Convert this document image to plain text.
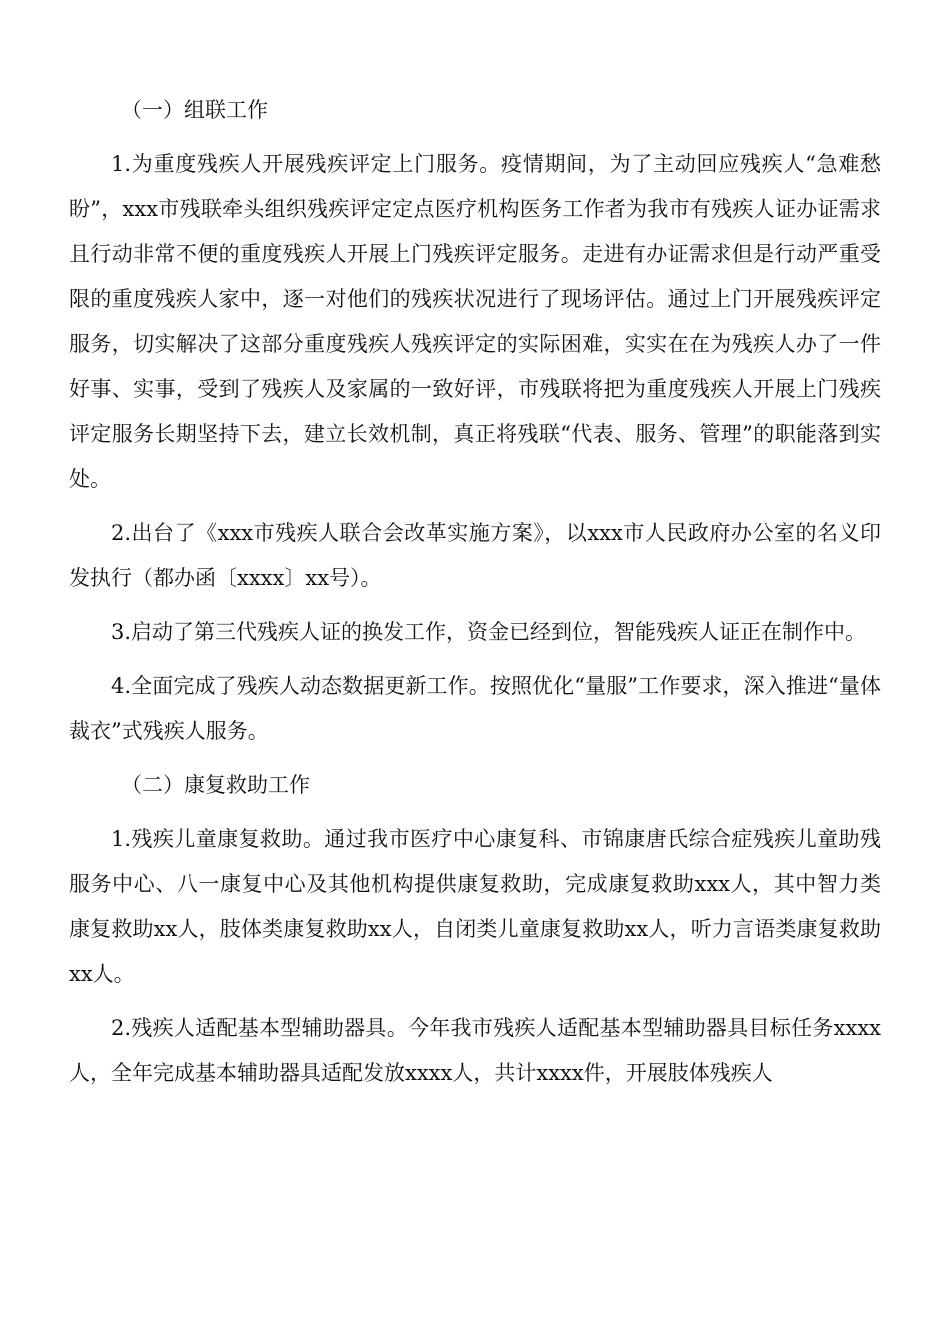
（一）组联工作

1.为重度残疾人开展残疾评定上门服务。疫情期间，为了主动回应残疾人“急难愁盼”，xxx市残联牵头组织残疾评定定点医疗机构医务工作者为我市有残疾人证办证需求且行动非常不便的重度残疾人开展上门残疾评定服务。走进有办证需求但是行动严重受限的重度残疾人家中，逐一对他们的残疾状况进行了现场评估。通过上门开展残疾评定服务，切实解决了这部分重度残疾人残疾评定的实际困难，实实在在为残疾人办了一件好事、实事，受到了残疾人及家属的一致好评，市残联将把为重度残疾人开展上门残疾评定服务长期坚持下去，建立长效机制，真正将残联“代表、服务、管理”的职能落到实处。

2.出台了《xxx市残疾人联合会改革实施方案》，以xxx市人民政府办公室的名义印发执行（都办函〔xxxx〕xx号）。

3.启动了第三代残疾人证的换发工作，资金已经到位，智能残疾人证正在制作中。

4.全面完成了残疾人动态数据更新工作。按照优化“量服”工作要求，深入推进“量体裁衣”式残疾人服务。

（二）康复救助工作

1.残疾儿童康复救助。通过我市医疗中心康复科、市锦康唐氏综合症残疾儿童助残服务中心、八一康复中心及其他机构提供康复救助，完成康复救助xxx人，其中智力类康复救助xx人，肢体类康复救助xx人，自闭类儿童康复救助xx人，听力言语类康复救助xx人。

2.残疾人适配基本型辅助器具。今年我市残疾人适配基本型辅助器具目标任务xxxx人，全年完成基本辅助器具适配发放xxxx人，共计xxxx件，开展肢体残疾人
